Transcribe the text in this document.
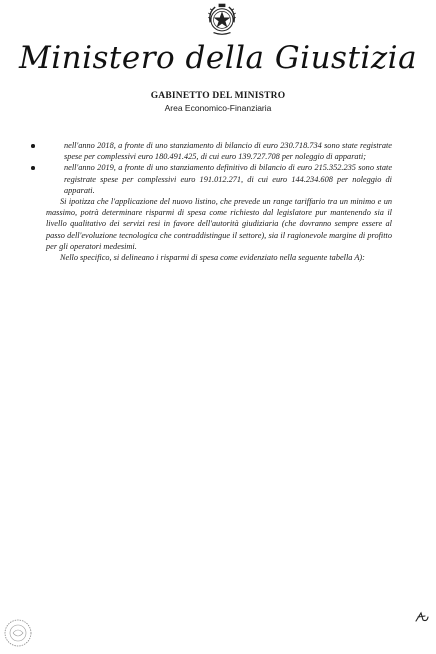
Ministero della Giustizia
GABINETTO DEL MINISTRO
Area Economico-Finanziaria
nell'anno 2018, a fronte di uno stanziamento di bilancio di euro 230.718.734 sono state registrate spese per complessivi euro 180.491.425, di cui euro 139.727.708 per noleggio di apparati;
nell'anno 2019, a fronte di uno stanziamento definitivo di bilancio di euro 215.352.235 sono state registrate spese per complessivi euro 191.012.271, di cui euro 144.234.608 per noleggio di apparati.

Si ipotizza che l'applicazione del nuovo listino, che prevede un range tariffario tra un minimo e un massimo, potrà determinare risparmi di spesa come richiesto dal legislatore pur mantenendo sia il livello qualitativo dei servizi resi in favore dell'autorità giudiziaria (che dovranno sempre essere al passo dell'evoluzione tecnologica che contraddistingue il settore), sia il ragionevole margine di profitto per gli operatori medesimi.

Nello specifico, si delineano i risparmi di spesa come evidenziato nella seguente tabella A):
